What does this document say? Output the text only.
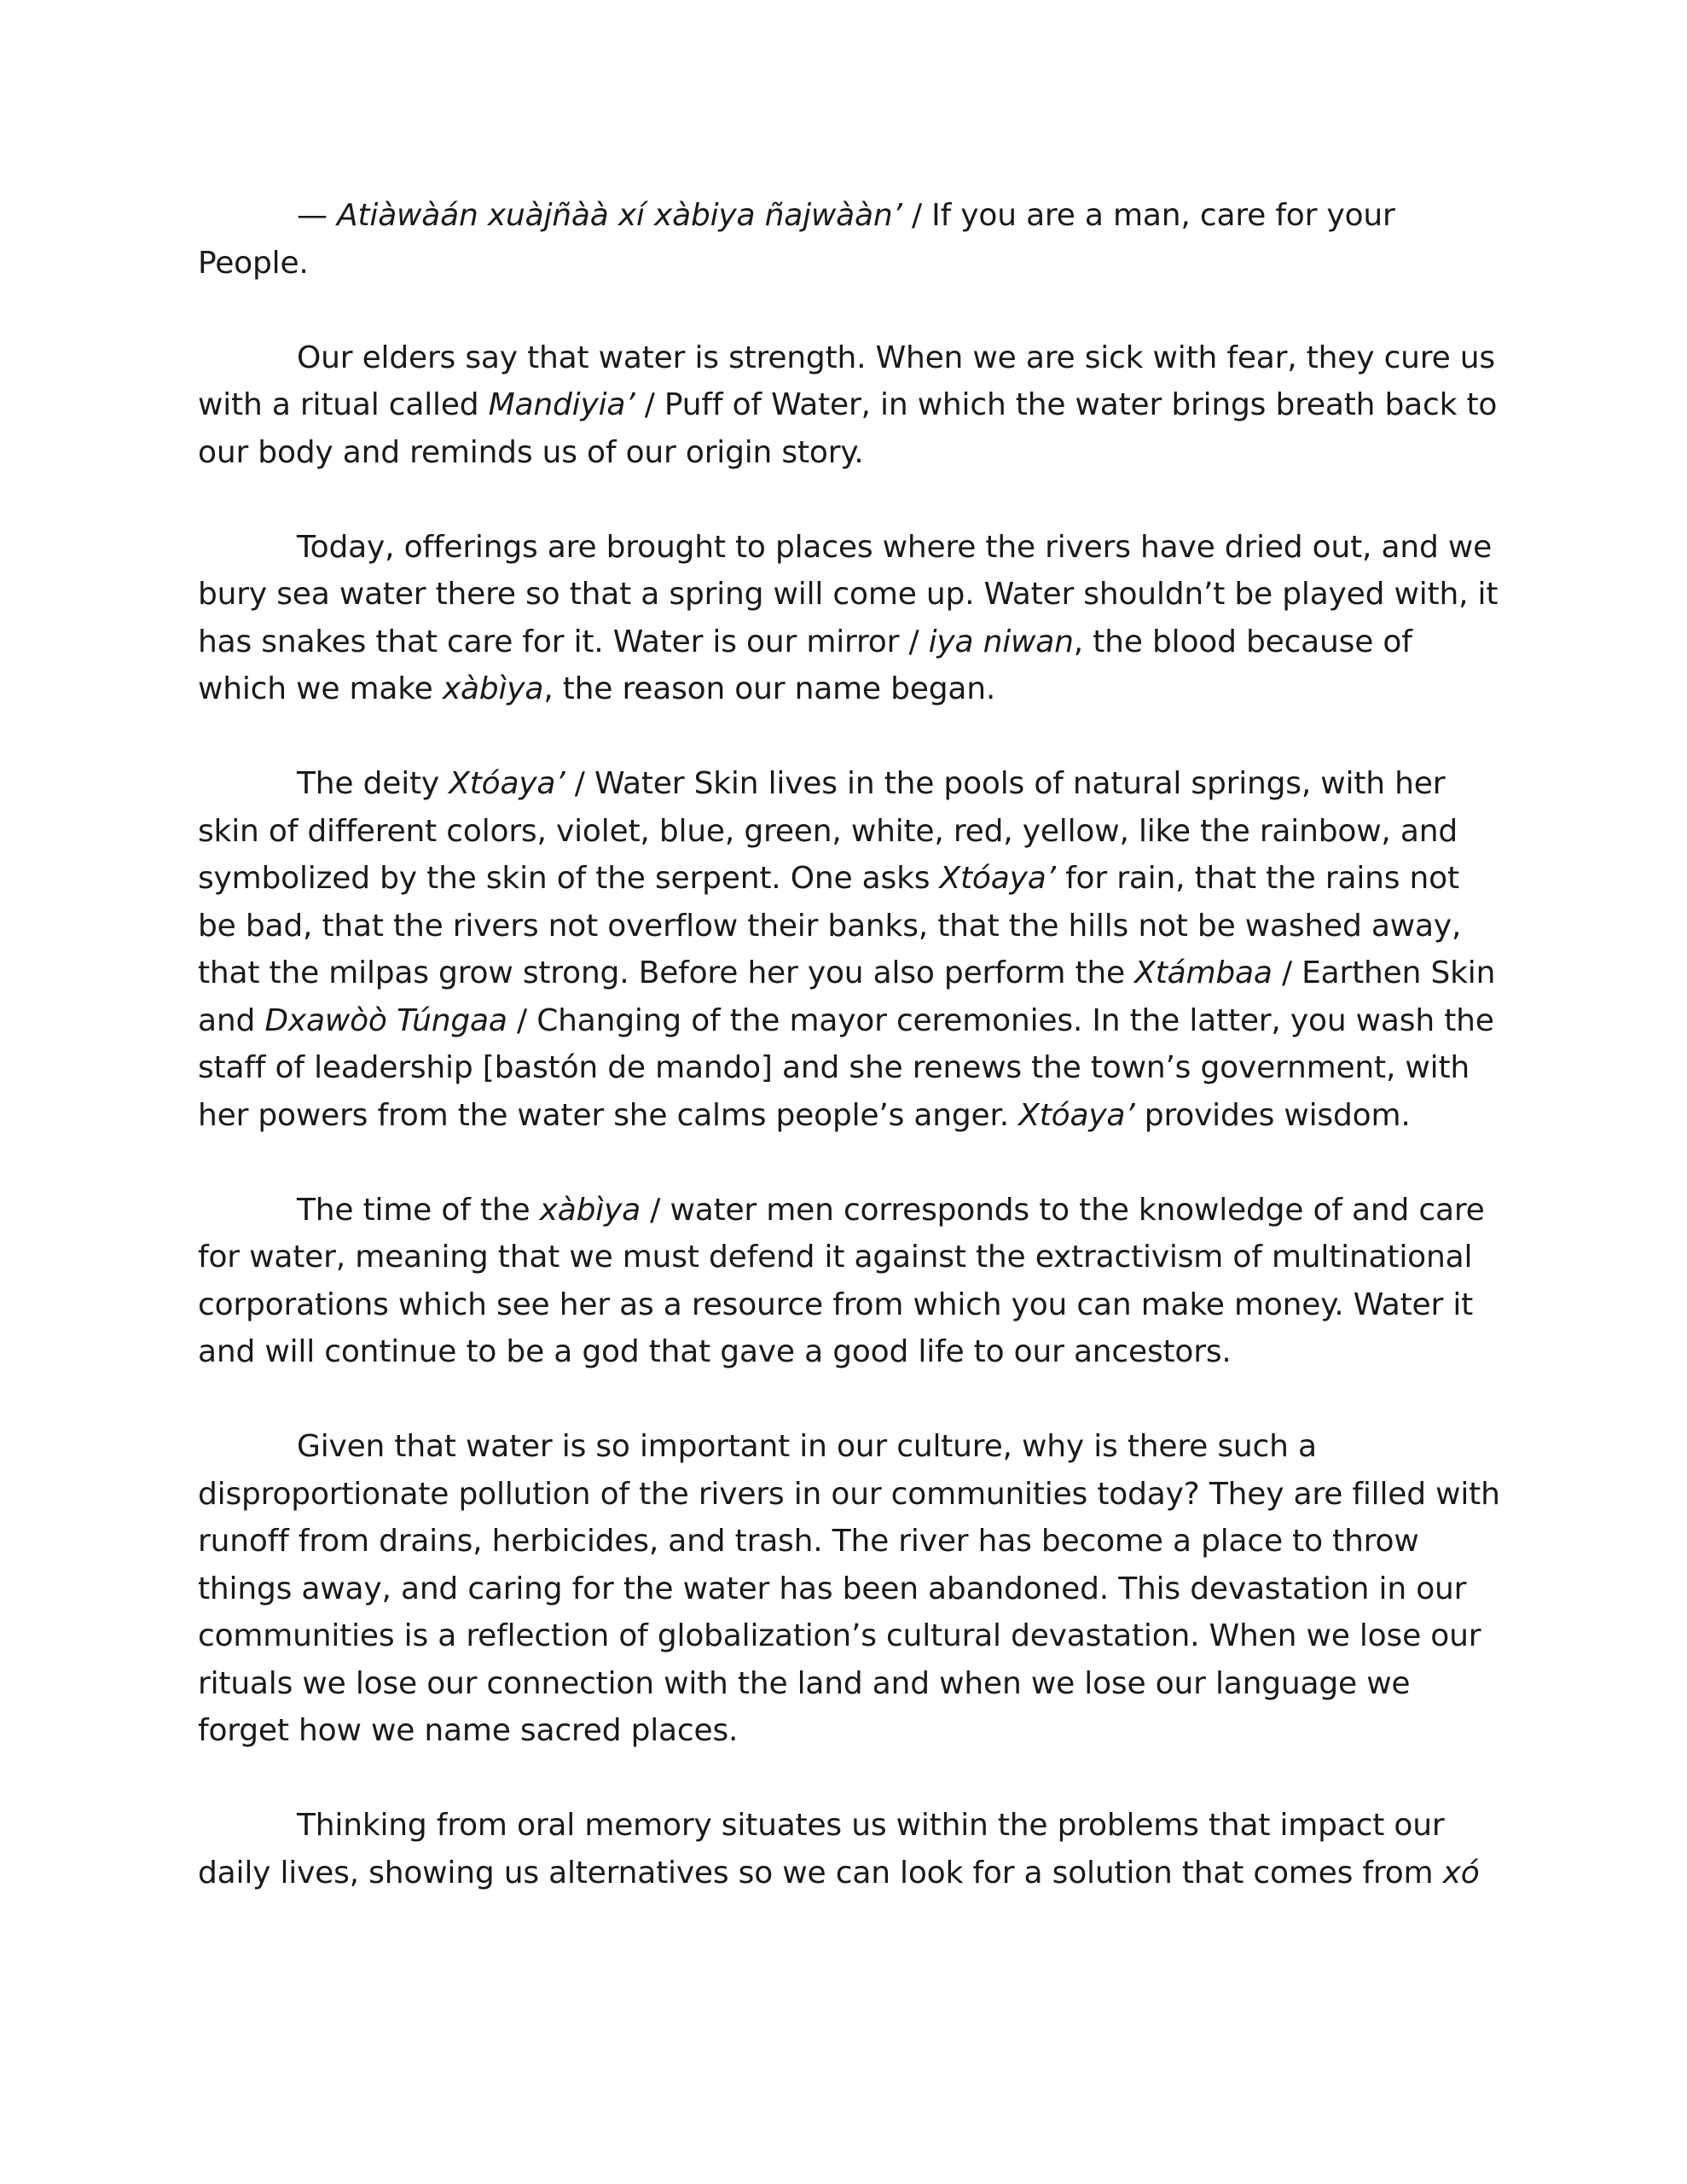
— Atiàwàán xuàjñàà xí xàbiya ñajwààn’ / If you are a man, care for your People.

Our elders say that water is strength. When we are sick with fear, they cure us with a ritual called Mandiyia’ / Puff of Water, in which the water brings breath back to our body and reminds us of our origin story.

Today, offerings are brought to places where the rivers have dried out, and we bury sea water there so that a spring will come up. Water shouldn’t be played with, it has snakes that care for it. Water is our mirror / iya niwan, the blood because of which we make xàbìya, the reason our name began.

The deity Xtóaya’ / Water Skin lives in the pools of natural springs, with her skin of different colors, violet, blue, green, white, red, yellow, like the rainbow, and symbolized by the skin of the serpent. One asks Xtóaya’ for rain, that the rains not be bad, that the rivers not overflow their banks, that the hills not be washed away, that the milpas grow strong. Before her you also perform the Xtámbaa / Earthen Skin and Dxawòò Túngaa / Changing of the mayor ceremonies. In the latter, you wash the staff of leadership [bastón de mando] and she renews the town’s government, with her powers from the water she calms people’s anger. Xtóaya’ provides wisdom.

The time of the xàbìya / water men corresponds to the knowledge of and care for water, meaning that we must defend it against the extractivism of multinational corporations which see her as a resource from which you can make money. Water it and will continue to be a god that gave a good life to our ancestors.

Given that water is so important in our culture, why is there such a disproportionate pollution of the rivers in our communities today? They are filled with runoff from drains, herbicides, and trash. The river has become a place to throw things away, and caring for the water has been abandoned. This devastation in our communities is a reflection of globalization’s cultural devastation. When we lose our rituals we lose our connection with the land and when we lose our language we forget how we name sacred places.

Thinking from oral memory situates us within the problems that impact our daily lives, showing us alternatives so we can look for a solution that comes from xó
